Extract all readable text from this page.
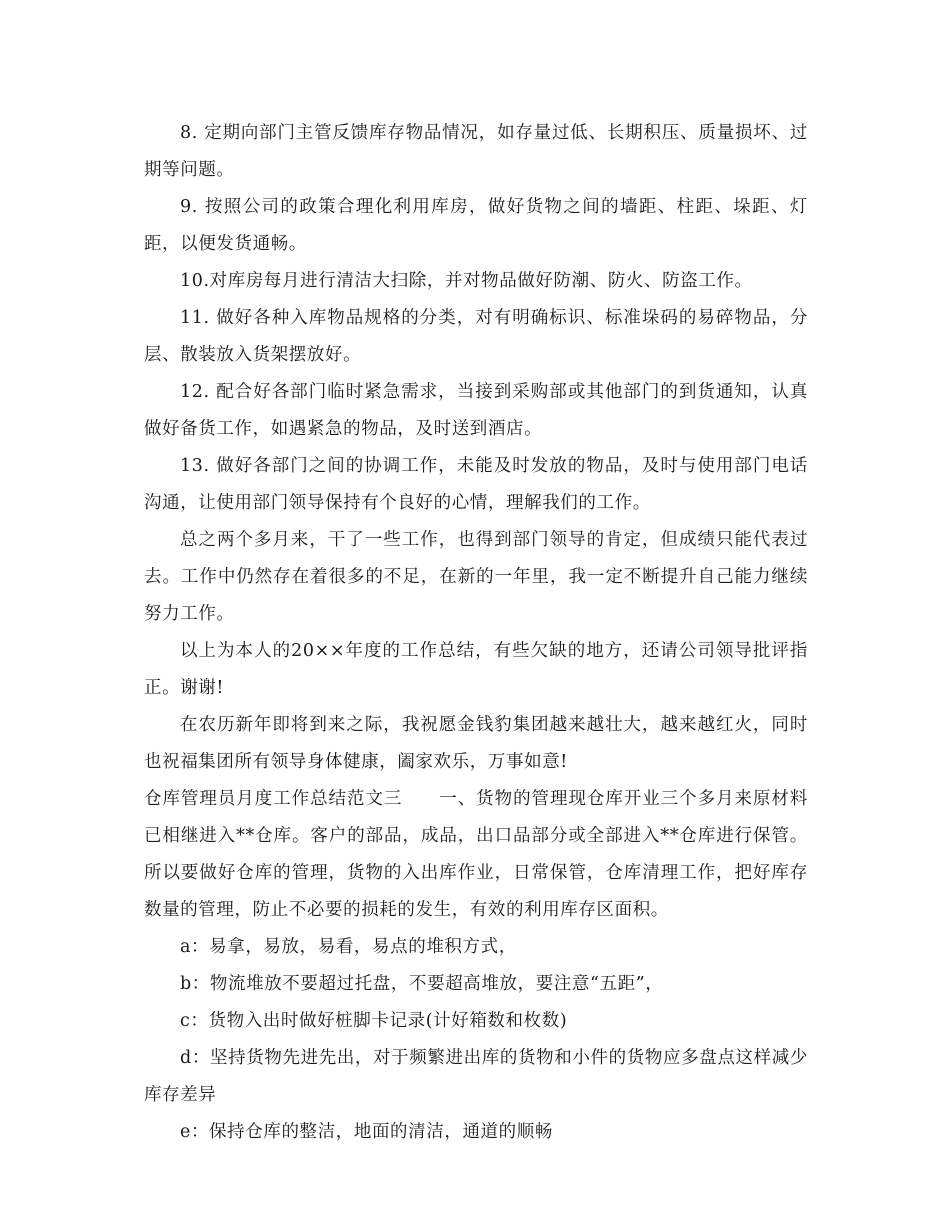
8. 定期向部门主管反馈库存物品情况，如存量过低、长期积压、质量损坏、过期等问题。

9. 按照公司的政策合理化利用库房，做好货物之间的墙距、柱距、垛距、灯距，以便发货通畅。

10.对库房每月进行清洁大扫除，并对物品做好防潮、防火、防盗工作。

11. 做好各种入库物品规格的分类，对有明确标识、标准垛码的易碎物品，分层、散装放入货架摆放好。

12. 配合好各部门临时紧急需求，当接到采购部或其他部门的到货通知，认真做好备货工作，如遇紧急的物品，及时送到酒店。

13. 做好各部门之间的协调工作，未能及时发放的物品，及时与使用部门电话沟通，让使用部门领导保持有个良好的心情，理解我们的工作。

总之两个多月来，干了一些工作，也得到部门领导的肯定，但成绩只能代表过去。工作中仍然存在着很多的不足，在新的一年里，我一定不断提升自己能力继续努力工作。

以上为本人的20××年度的工作总结，有些欠缺的地方，还请公司领导批评指正。谢谢!

在农历新年即将到来之际，我祝愿金钱豹集团越来越壮大，越来越红火，同时也祝福集团所有领导身体健康，阖家欢乐，万事如意!

仓库管理员月度工作总结范文三　　一、货物的管理现仓库开业三个多月来原材料已相继进入**仓库。客户的部品，成品，出口品部分或全部进入**仓库进行保管。所以要做好仓库的管理，货物的入出库作业，日常保管，仓库清理工作，把好库存数量的管理，防止不必要的损耗的发生，有效的利用库存区面积。

a：易拿，易放，易看，易点的堆积方式，

b：物流堆放不要超过托盘，不要超高堆放，要注意“五距”，

c：货物入出时做好桩脚卡记录(计好箱数和枚数)

d：坚持货物先进先出，对于频繁进出库的货物和小件的货物应多盘点这样减少库存差异

e：保持仓库的整洁，地面的清洁，通道的顺畅
